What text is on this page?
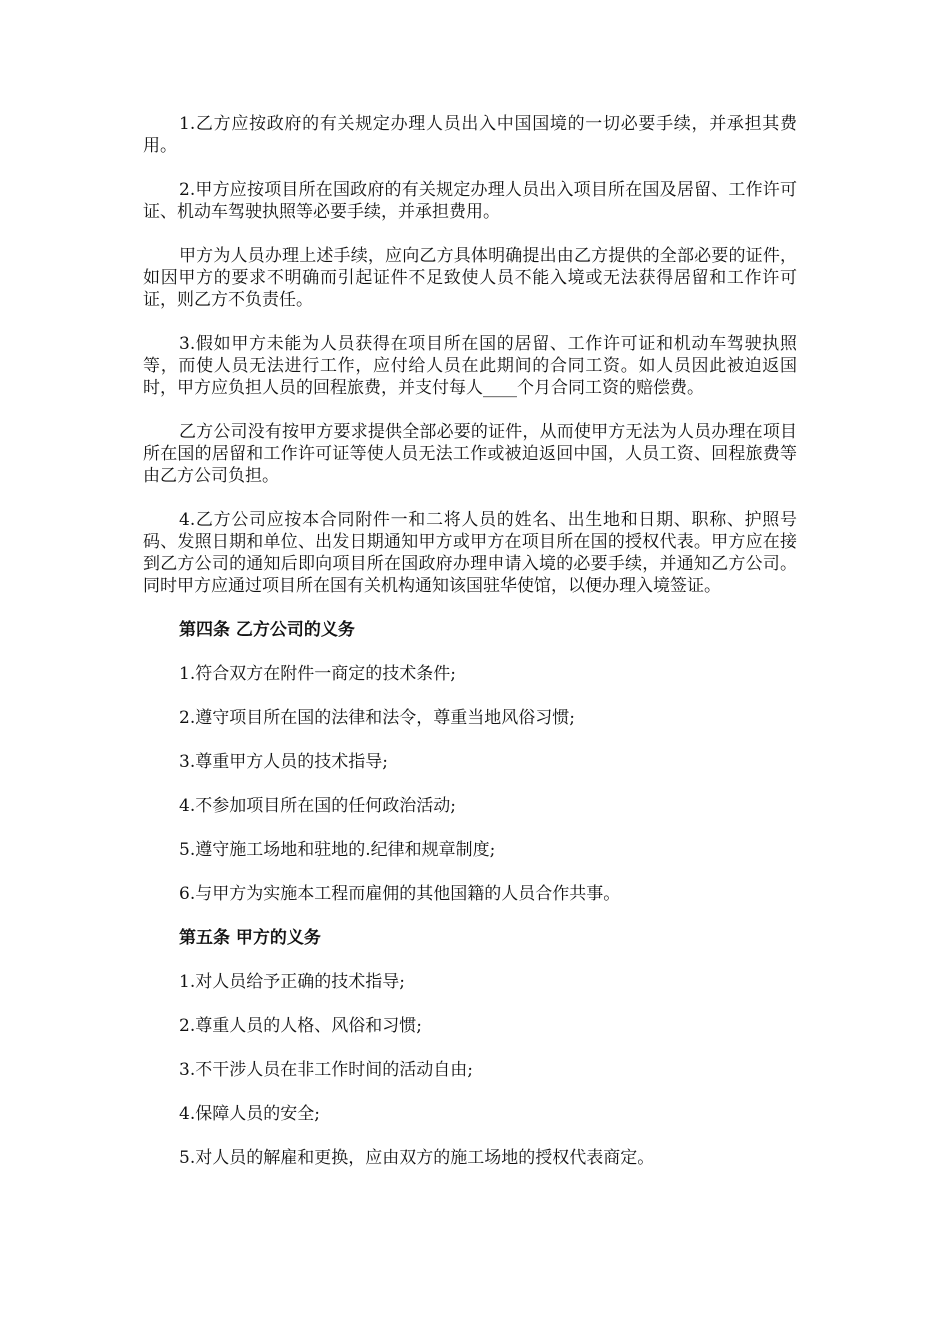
1.乙方应按政府的有关规定办理人员出入中国国境的一切必要手续，并承担其费用。

2.甲方应按项目所在国政府的有关规定办理人员出入项目所在国及居留、工作许可证、机动车驾驶执照等必要手续，并承担费用。

甲方为人员办理上述手续，应向乙方具体明确提出由乙方提供的全部必要的证件，如因甲方的要求不明确而引起证件不足致使人员不能入境或无法获得居留和工作许可证，则乙方不负责任。

3.假如甲方未能为人员获得在项目所在国的居留、工作许可证和机动车驾驶执照等，而使人员无法进行工作，应付给人员在此期间的合同工资。如人员因此被迫返国时，甲方应负担人员的回程旅费，并支付每人____个月合同工资的赔偿费。

乙方公司没有按甲方要求提供全部必要的证件，从而使甲方无法为人员办理在项目所在国的居留和工作许可证等使人员无法工作或被迫返回中国，人员工资、回程旅费等由乙方公司负担。

4.乙方公司应按本合同附件一和二将人员的姓名、出生地和日期、职称、护照号码、发照日期和单位、出发日期通知甲方或甲方在项目所在国的授权代表。甲方应在接到乙方公司的通知后即向项目所在国政府办理申请入境的必要手续，并通知乙方公司。同时甲方应通过项目所在国有关机构通知该国驻华使馆，以便办理入境签证。

第四条 乙方公司的义务
1.符合双方在附件一商定的技术条件;
2.遵守项目所在国的法律和法令，尊重当地风俗习惯;
3.尊重甲方人员的技术指导;
4.不参加项目所在国的任何政治活动;
5.遵守施工场地和驻地的.纪律和规章制度;
6.与甲方为实施本工程而雇佣的其他国籍的人员合作共事。
第五条 甲方的义务
1.对人员给予正确的技术指导;
2.尊重人员的人格、风俗和习惯;
3.不干涉人员在非工作时间的活动自由;
4.保障人员的安全;
5.对人员的解雇和更换，应由双方的施工场地的授权代表商定。
